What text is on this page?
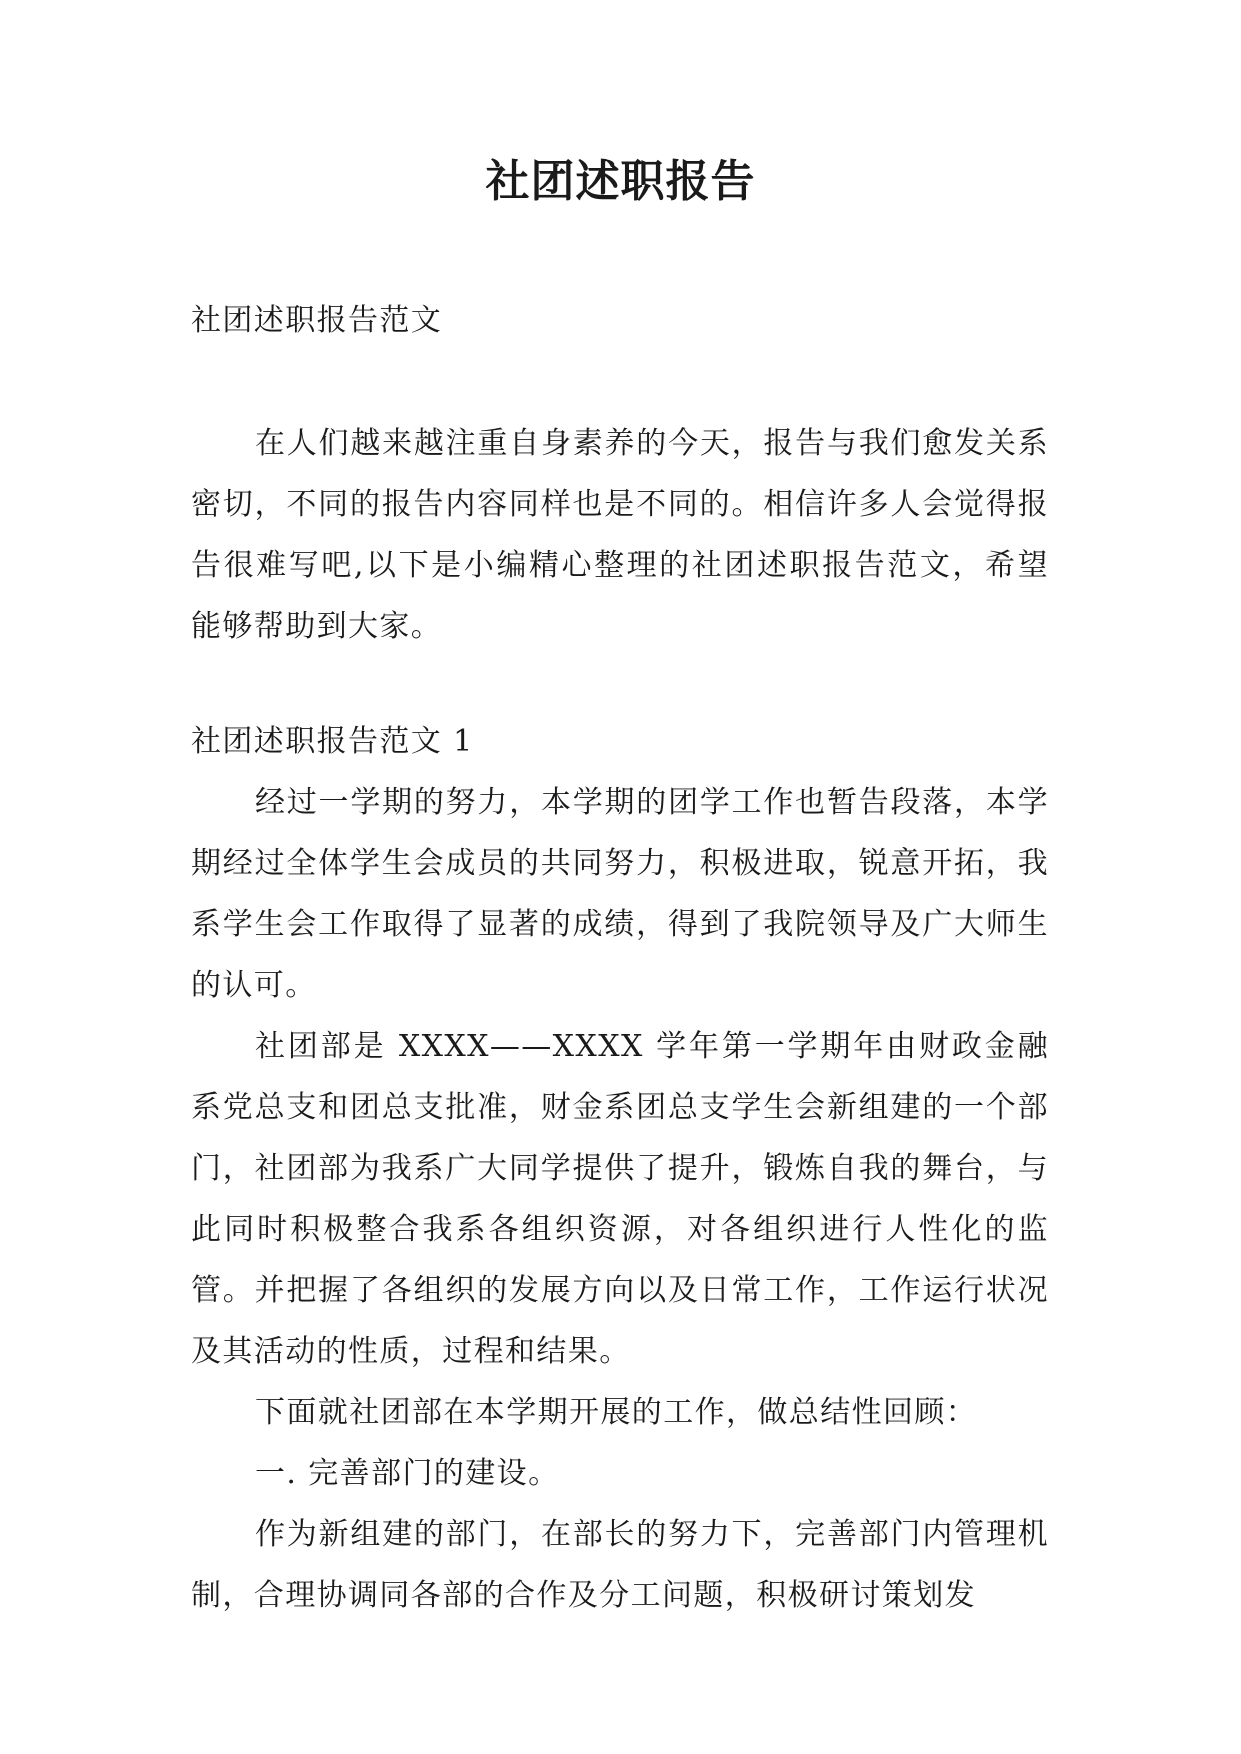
社团述职报告

社团述职报告范文

在人们越来越注重自身素养的今天，报告与我们愈发关系密切，不同的报告内容同样也是不同的。相信许多人会觉得报告很难写吧,以下是小编精心整理的社团述职报告范文，希望能够帮助到大家。

社团述职报告范文 1

经过一学期的努力，本学期的团学工作也暂告段落，本学期经过全体学生会成员的共同努力，积极进取，锐意开拓，我系学生会工作取得了显著的成绩，得到了我院领导及广大师生的认可。

社团部是 XXXX——XXXX 学年第一学期年由财政金融系党总支和团总支批准，财金系团总支学生会新组建的一个部门，社团部为我系广大同学提供了提升，锻炼自我的舞台，与此同时积极整合我系各组织资源，对各组织进行人性化的监管。并把握了各组织的发展方向以及日常工作，工作运行状况及其活动的性质，过程和结果。

下面就社团部在本学期开展的工作，做总结性回顾：

一. 完善部门的建设。

作为新组建的部门，在部长的努力下，完善部门内管理机制，合理协调同各部的合作及分工问题，积极研讨策划发
